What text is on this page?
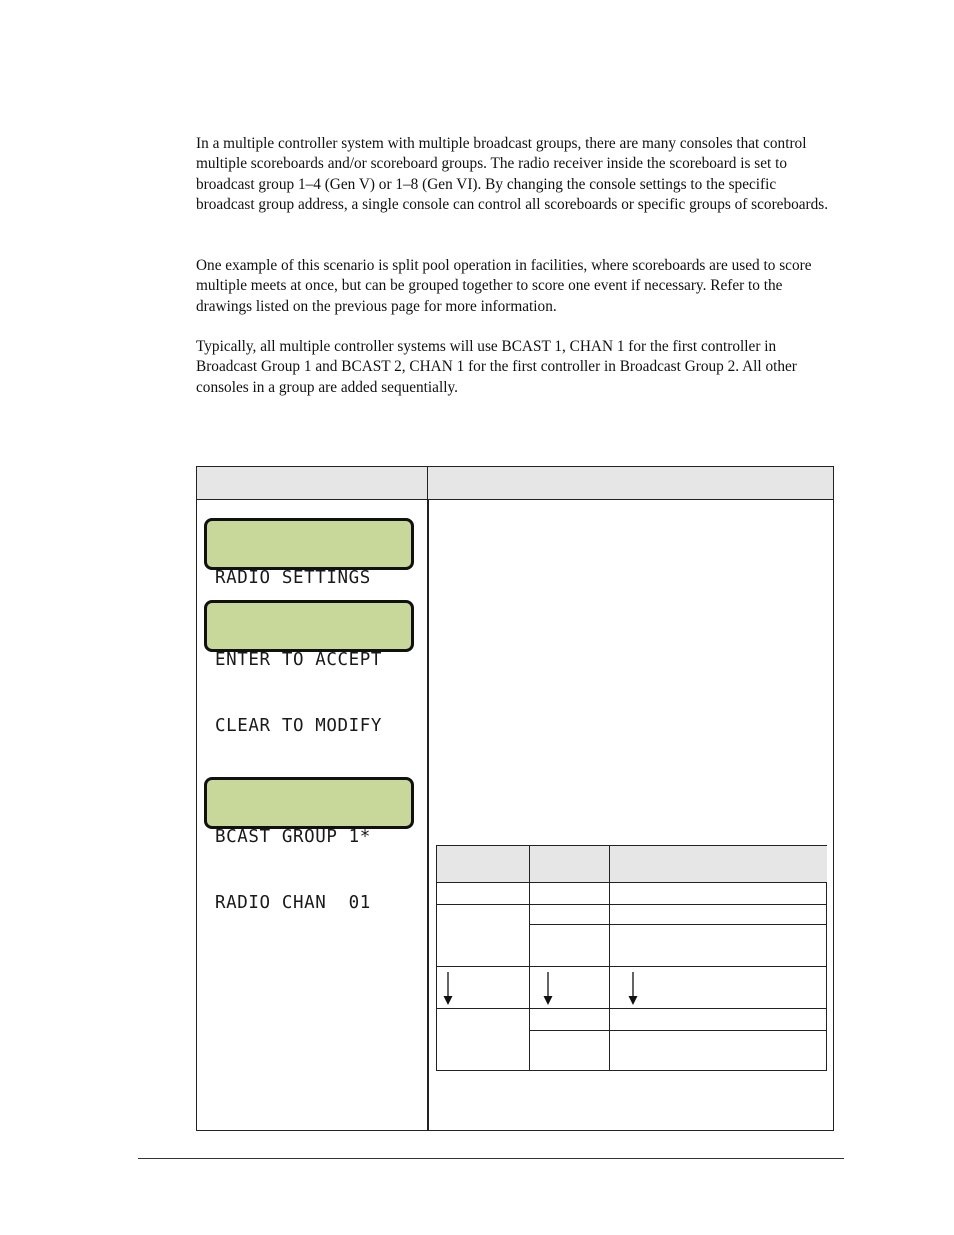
In a multiple controller system with multiple broadcast groups, there are many consoles that control multiple scoreboards and/or scoreboard groups. The radio receiver inside the scoreboard is set to broadcast group 1–4 (Gen V) or 1–8 (Gen VI). By changing the console settings to the specific broadcast group address, a single console can control all scoreboards or specific groups of scoreboards.

One example of this scenario is split pool operation in facilities, where scoreboards are used to score multiple meets at once, but can be grouped together to score one event if necessary. Refer to the drawings listed on the previous page for more information.

Typically, all multiple controller systems will use BCAST 1, CHAN 1 for the first controller in Broadcast Group 1 and BCAST 2, CHAN 1 for the first controller in Broadcast Group 2. All other consoles in a group are added sequentially.

RADIO SETTINGS

ENTER TO ACCEPT

CLEAR TO MODIFY

BCAST GROUP 1*

RADIO CHAN  01
